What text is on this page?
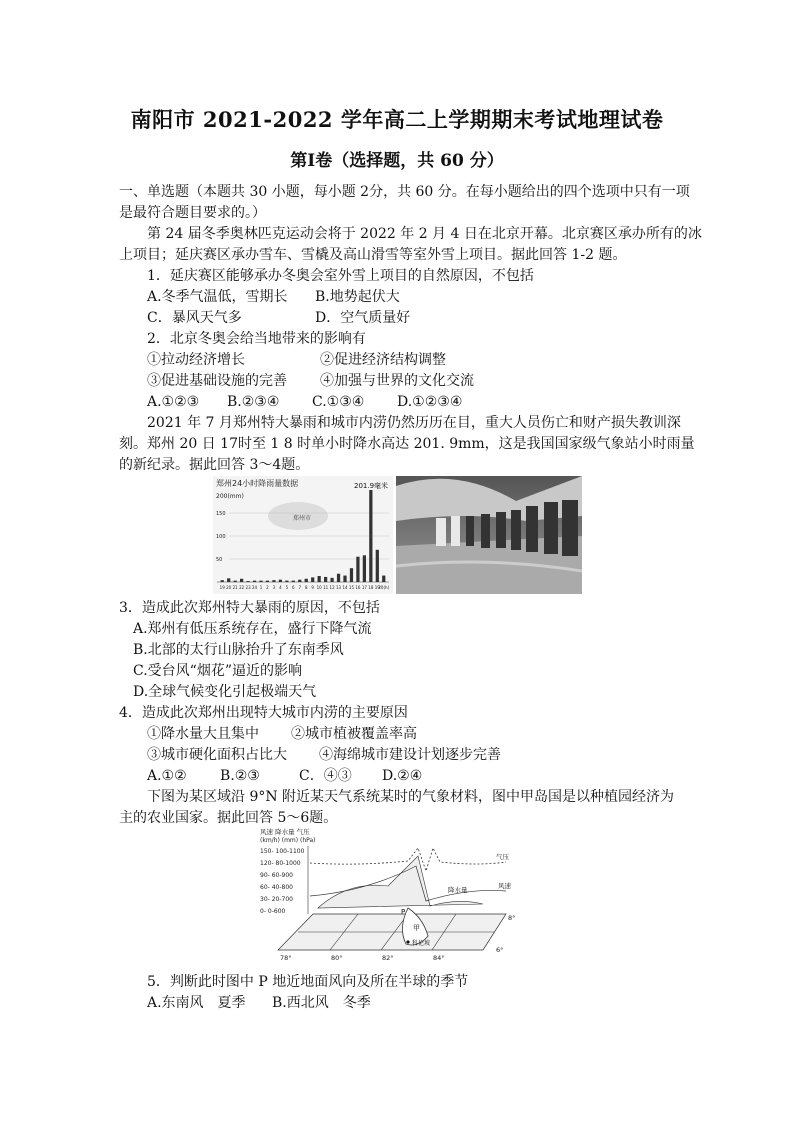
南阳市 2021-2022 学年高二上学期期末考试地理试卷
第Ⅰ卷（选择题，共 60 分）
一、单选题（本题共 30 小题，每小题 2分，共 60 分。在每小题给出的四个选项中只有一项
是最符合题目要求的。）
第 24 届冬季奥林匹克运动会将于 2022 年 2 月 4 日在北京开幕。北京赛区承办所有的冰
上项目；延庆赛区承办雪车、雪橇及高山滑雪等室外雪上项目。据此回答 1-2 题。
1．延庆赛区能够承办冬奥会室外雪上项目的自然原因，不包括
A.冬季气温低，雪期长 B.地势起伏大
C．暴风天气多	D．空气质量好
2．北京冬奥会给当地带来的影响有
①拉动经济增长	②促进经济结构调整
③促进基础设施的完善 ④加强与世界的文化交流
A.①②③ B.②③④ C.①③④ D.①②③④
2021 年 7 月郑州特大暴雨和城市内涝仍然历历在目，重大人员伤亡和财产损失教训深
刻。郑州 20 日 17时至 1 8 时单小时降水高达 201. 9mm，这是我国国家级气象站小时雨量
的新纪录。据此回答 3～4题。
郑州24小时降雨量数据
200(mm)
郑州市
201.9毫米
150
100
50
19 20 21 22 23 24 1 2 3 4 5 6 7 8 9 10 11 12 13 14 15 16 17 18 19
20(h)
3．造成此次郑州特大暴雨的原因，不包括
A.郑州有低压系统存在，盛行下降气流
B.北部的太行山脉抬升了东南季风
C.受台风“烟花”逼近的影响
D.全球气候变化引起极端天气
4．造成此次郑州出现特大城市内涝的主要原因
①降水量大且集中 ②城市植被覆盖率高
③城市硬化面积占比大 ④海绵城市建设计划逐步完善
A.①② B.②③	C．④③ D.②④
下图为某区域沿 9°N 附近某天气系统某时的气象材料，图中甲岛国是以种植园经济为
主的农业国家。据此回答 5～6题。
风速 降水量 气压
(km/h) (mm) (hPa)
150- 100-1100
120- 80-1000
90- 60-900
60- 40-800
30- 20-700
0- 0-600
气压
降水量	风速
P
甲
科伦坡
78°	80°	82°	84°
8°
6°
5．判断此时图中 P 地近地面风向及所在半球的季节
A.东南风　夏季 B.西北风　冬季
